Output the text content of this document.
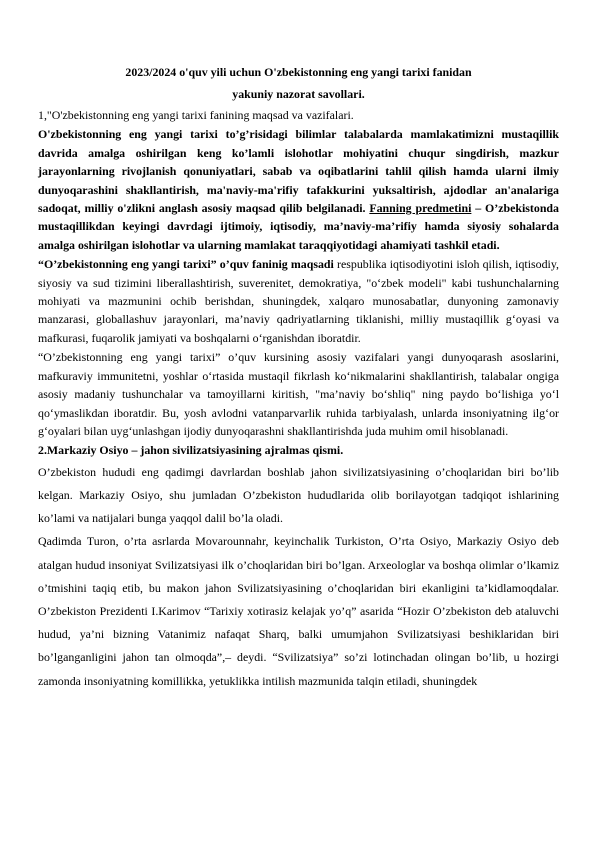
2023/2024 o'quv yili uchun O'zbekistonning eng yangi tarixi fanidan

yakuniy nazorat savollari.

1,"O'zbekistonning eng yangi tarixi fanining maqsad va vazifalari.

O'zbekistonning eng yangi tarixi to’g’risidagi bilimlar talabalarda mamlakatimizni mustaqillik davrida amalga oshirilgan keng ko’lamli islohotlar mohiyatini chuqur singdirish, mazkur jarayonlarning rivojlanish qonuniyatlari, sabab va oqibatlarini tahlil qilish hamda ularni ilmiy dunyoqarashini shakllantirish, ma'naviy-ma'rifiy tafakkurini yuksaltirish, ajdodlar an'analariga sadoqat, milliy o'zlikni anglash asosiy maqsad qilib belgilanadi. Fanning predmetini – O’zbekistonda mustaqillikdan keyingi davrdagi ijtimoiy, iqtisodiy, ma’naviy-ma’rifiy hamda siyosiy sohalarda amalga oshirilgan islohotlar va ularning mamlakat taraqqiyotidagi ahamiyati tashkil etadi.

“O’zbekistonning eng yangi tarixi” o’quv faninig maqsadi respublika iqtisodiyotini isloh qilish, iqtisodiy, siyosiy va sud tizimini liberallashtirish, suverenitet, demokratiya, "o‘zbek modeli" kabi tushunchalarning mohiyati va mazmunini ochib berishdan, shuningdek, xalqaro munosabatlar, dunyoning zamonaviy manzarasi, globallashuv jarayonlari, ma’naviy qadriyatlarning tiklanishi, milliy mustaqillik g‘oyasi va mafkurasi, fuqarolik jamiyati va boshqalarni o‘rganishdan iboratdir.

“O’zbekistonning eng yangi tarixi” o’quv kursining asosiy vazifalari yangi dunyoqarash asoslarini, mafkuraviy immunitetni, yoshlar o‘rtasida mustaqil fikrlash ko‘nikmalarini shakllantirish, talabalar ongiga asosiy madaniy tushunchalar va tamoyillarni kiritish, "ma’naviy bo‘shliq" ning paydo bo‘lishiga yo‘l qo‘ymaslikdan iboratdir. Bu, yosh avlodni vatanparvarlik ruhida tarbiyalash, unlarda insoniyatning ilg‘or g‘oyalari bilan uyg‘unlashgan ijodiy dunyoqarashni shakllantirishda juda muhim omil hisoblanadi.

2.Markaziy Osiyo – jahon sivilizatsiyasining ajralmas qismi.

O’zbekiston hududi eng qadimgi davrlardan boshlab jahon sivilizatsiyasining o’choqlaridan biri bo’lib kelgan. Markaziy Osiyo, shu jumladan O’zbekiston hududlarida olib borilayotgan tadqiqot ishlarining ko’lami va natijalari bunga yaqqol dalil bo’la oladi.

Qadimda Turon, o’rta asrlarda Movarounnahr, keyinchalik Turkiston, O’rta Osiyo, Markaziy Osiyo deb atalgan hudud insoniyat Svilizatsiyasi ilk o’choqlaridan biri bo’lgan. Arxeologlar va boshqa olimlar o’lkamiz o’tmishini taqiq etib, bu makon jahon Svilizatsiyasining o’choqlaridan biri ekanligini ta’kidlamoqdalar. O’zbekiston Prezidenti I.Karimov “Tarixiy xotirasiz kelajak yo’q” asarida “Hozir O’zbekiston deb ataluvchi hudud, ya’ni bizning Vatanimiz nafaqat Sharq, balki umumjahon Svilizatsiyasi beshiklaridan biri bo’lganganligini jahon tan olmoqda”,– deydi. “Svilizatsiya” so’zi lotinchadan olingan bo’lib, u hozirgi zamonda insoniyatning komillikka, yetuklikka intilish mazmunida talqin etiladi, shuningdek
